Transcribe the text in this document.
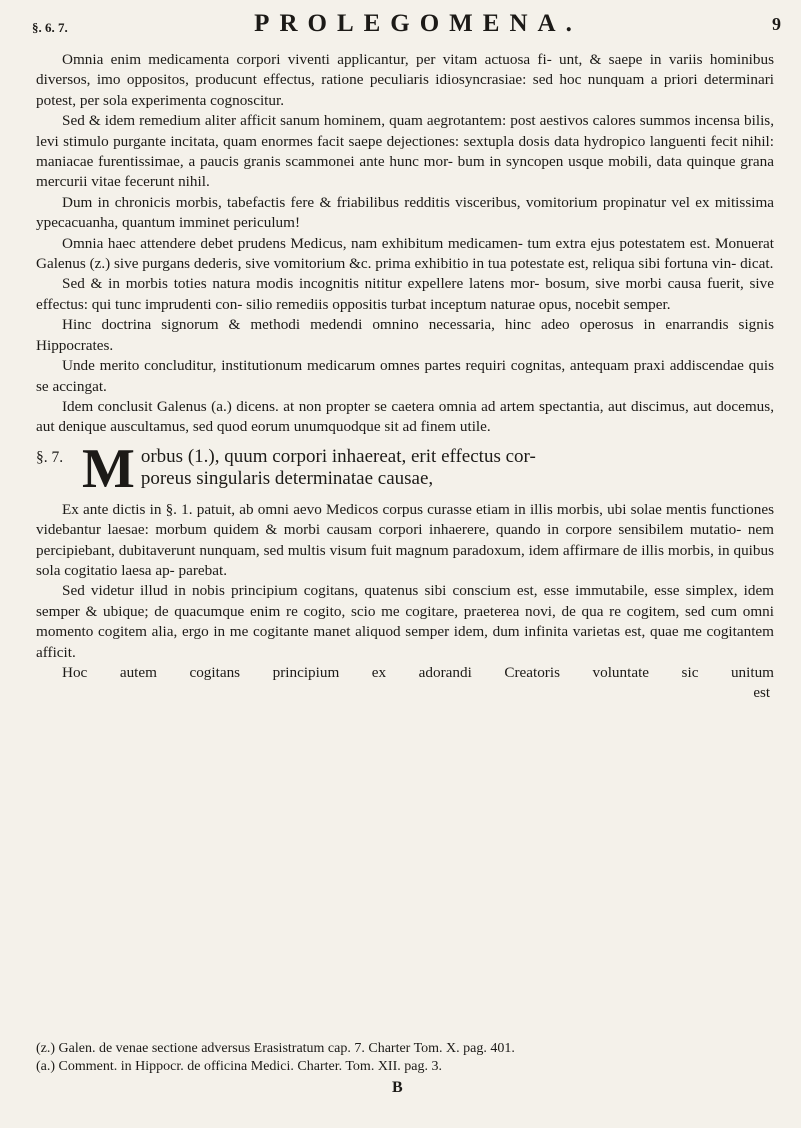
§. 6. 7.	PROLEGOMENA.	9

Omnia enim medicamenta corpori viventi applicantur, per vitam actuosa fi- unt, & saepe in variis hominibus diversos, imo oppositos, producunt effectus, ratione peculiaris idiosyncrasiae: sed hoc nunquam a priori determinari potest, per sola experimenta cognoscitur.

Sed & idem remedium aliter afficit sanum hominem, quam aegrotantem: post aestivos calores summos incensa bilis, levi stimulo purgante incitata, quam enormes facit saepe dejectiones: sextupla dosis data hydropico languenti fecit nihil: maniacae furentissimae, a paucis granis scammonei ante hunc mor- bum in syncopen usque mobili, data quinque grana mercurii vitae fecerunt nihil.

Dum in chronicis morbis, tabefactis fere & friabilibus redditis visceribus, vomitorium propinatur vel ex mitissima ypecacuanha, quantum imminet periculum!

Omnia haec attendere debet prudens Medicus, nam exhibitum medicamen- tum extra ejus potestatem est. Monuerat Galenus (z.) sive purgans dederis, sive vomitorium &c. prima exhibitio in tua potestate est, reliqua sibi fortuna vin- dicat.

Sed & in morbis toties natura modis incognitis nititur expellere latens mor- bosum, sive morbi causa fuerit, sive effectus: qui tunc imprudenti con- silio remediis oppositis turbat inceptum naturae opus, nocebit semper.

Hinc doctrina signorum & methodi medendi omnino necessaria, hinc adeo operosus in enarrandis signis Hippocrates.

Unde merito concluditur, institutionum medicarum omnes partes requiri cognitas, antequam praxi addiscendae quis se accingat.

Idem conclusit Galenus (a.) dicens. at non propter se caetera omnia ad artem spectantia, aut discimus, aut docemus, aut denique auscultamus, sed quod eorum unumquodque sit ad finem utile.

§. 7. M orbus (1.), quum corpori inhaereat, erit effectus cor-
poreus singularis determinatae causae,

Ex ante dictis in §. 1. patuit, ab omni aevo Medicos corpus curasse etiam in illis morbis, ubi solae mentis functiones videbantur laesae: morbum quidem & morbi causam corpori inhaerere, quando in corpore sensibilem mutatio- nem percipiebant, dubitaverunt nunquam, sed multis visum fuit magnum paradoxum, idem affirmare de illis morbis, in quibus sola cogitatio laesa ap- parebat.

Sed videtur illud in nobis principium cogitans, quatenus sibi conscium est, esse immutabile, esse simplex, idem semper & ubique; de quacumque enim re cogito, scio me cogitare, praeterea novi, de qua re cogitem, sed cum omni momento cogitem alia, ergo in me cogitante manet aliquod semper idem, dum infinita varietas est, quae me cogitantem afficit.

Hoc autem cogitans principium ex adorandi Creatoris voluntate sic unitum

est

(z.) Galen. de venae sectione adversus Erasistratum cap. 7. Charter Tom. X. pag. 401.

(a.) Comment. in Hippocr. de officina Medici. Charter. Tom. XII. pag. 3.

B
